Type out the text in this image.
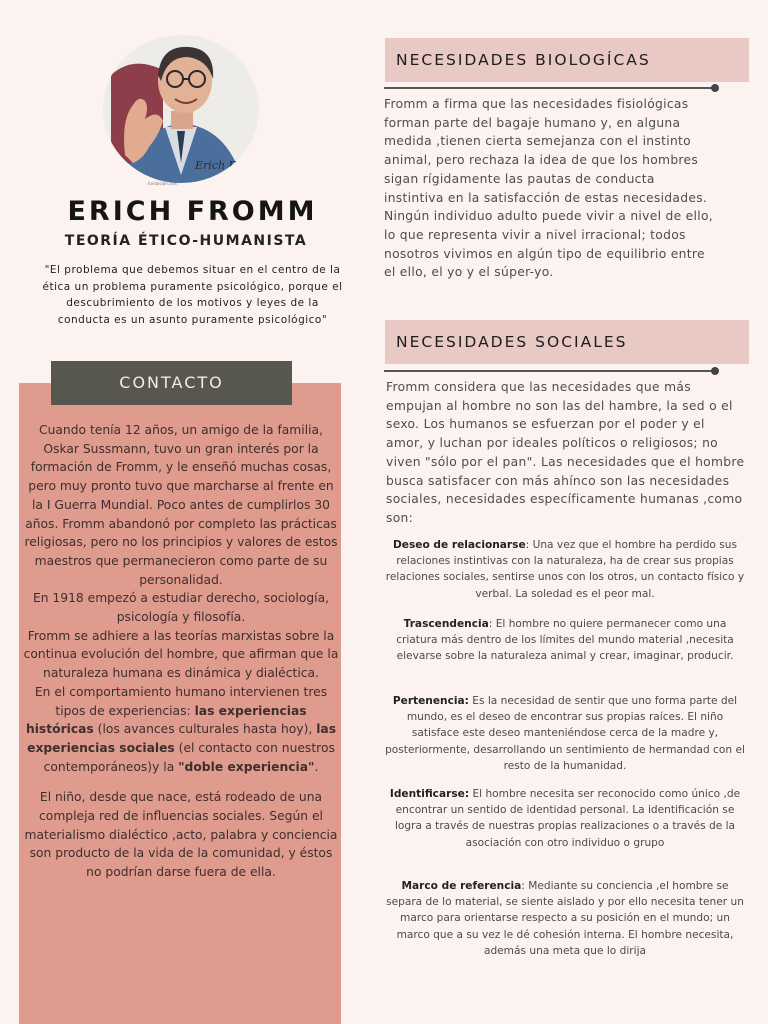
Erich Fr
fundación.com
ERICH FROMM
TEORÍA ÉTICO-HUMANISTA

"El problema que debemos situar en el centro de la ética un problema puramente psicológico, porque el descubrimiento de los motivos y leyes de la conducta es un asunto puramente psicológico"

CONTACTO

Cuando tenía 12 años, un amigo de la familia, Oskar Sussmann, tuvo un gran interés por la formación de Fromm, y le enseñó muchas cosas, pero muy pronto tuvo que marcharse al frente en la I Guerra Mundial. Poco antes de cumplirlos 30 años. Fromm abandonó por completo las prácticas religiosas, pero no los principios y valores de estos maestros que permanecieron como parte de su personalidad.

En 1918 empezó a estudiar derecho, sociología, psicología y filosofía.

Fromm se adhiere a las teorías marxistas sobre la continua evolución del hombre, que afirman que la naturaleza humana es dinámica y dialéctica.

En el comportamiento humano intervienen tres tipos de experiencias: las experiencias históricas (los avances culturales hasta hoy), las experiencias sociales (el contacto con nuestros contemporáneos)y la "doble experiencia".

El niño, desde que nace, está rodeado de una compleja red de influencias sociales. Según el materialismo dialéctico ,acto, palabra y conciencia son producto de la vida de la comunidad, y éstos no podrían darse fuera de ella.

NECESIDADES BIOLOGÍCAS

Fromm a firma que las necesidades fisiológicas forman parte del bagaje humano y, en alguna medida ,tienen cierta semejanza con el instinto animal, pero rechaza la idea de que los hombres sigan rígidamente las pautas de conducta instintiva en la satisfacción de estas necesidades. Ningún individuo adulto puede vivir a nivel de ello, lo que representa vivir a nivel irracional; todos nosotros vivimos en algún tipo de equilibrio entre el ello, el yo y el súper-yo.

NECESIDADES SOCIALES

Fromm considera que las necesidades que más empujan al hombre no son las del hambre, la sed o el sexo. Los humanos se esfuerzan por el poder y el amor, y luchan por ideales políticos o religiosos; no viven "sólo por el pan". Las necesidades que el hombre busca satisfacer con más ahínco son las necesidades sociales, necesidades específicamente humanas ,como son:

Deseo de relacionarse: Una vez que el hombre ha perdido sus relaciones instintivas con la naturaleza, ha de crear sus propias relaciones sociales, sentirse unos con los otros, un contacto físico y verbal. La soledad es el peor mal.

Trascendencia: El hombre no quiere permanecer como una criatura más dentro de los límites del mundo material ,necesita elevarse sobre la naturaleza animal y crear, imaginar, producir.

Pertenencia: Es la necesidad de sentir que uno forma parte del mundo, es el deseo de encontrar sus propias raíces. El niño satisface este deseo manteniéndose cerca de la madre y, posteriormente, desarrollando un sentimiento de hermandad con el resto de la humanidad.

Identificarse: El hombre necesita ser reconocido como único ,de encontrar un sentido de identidad personal. La identificación se logra a través de nuestras propias realizaciones o a través de la asociación con otro individuo o grupo

Marco de referencia: Mediante su conciencia ,el hombre se separa de lo material, se siente aislado y por ello necesita tener un marco para orientarse respecto a su posición en el mundo; un marco que a su vez le dé cohesión interna. El hombre necesita, además una meta que lo dirija
